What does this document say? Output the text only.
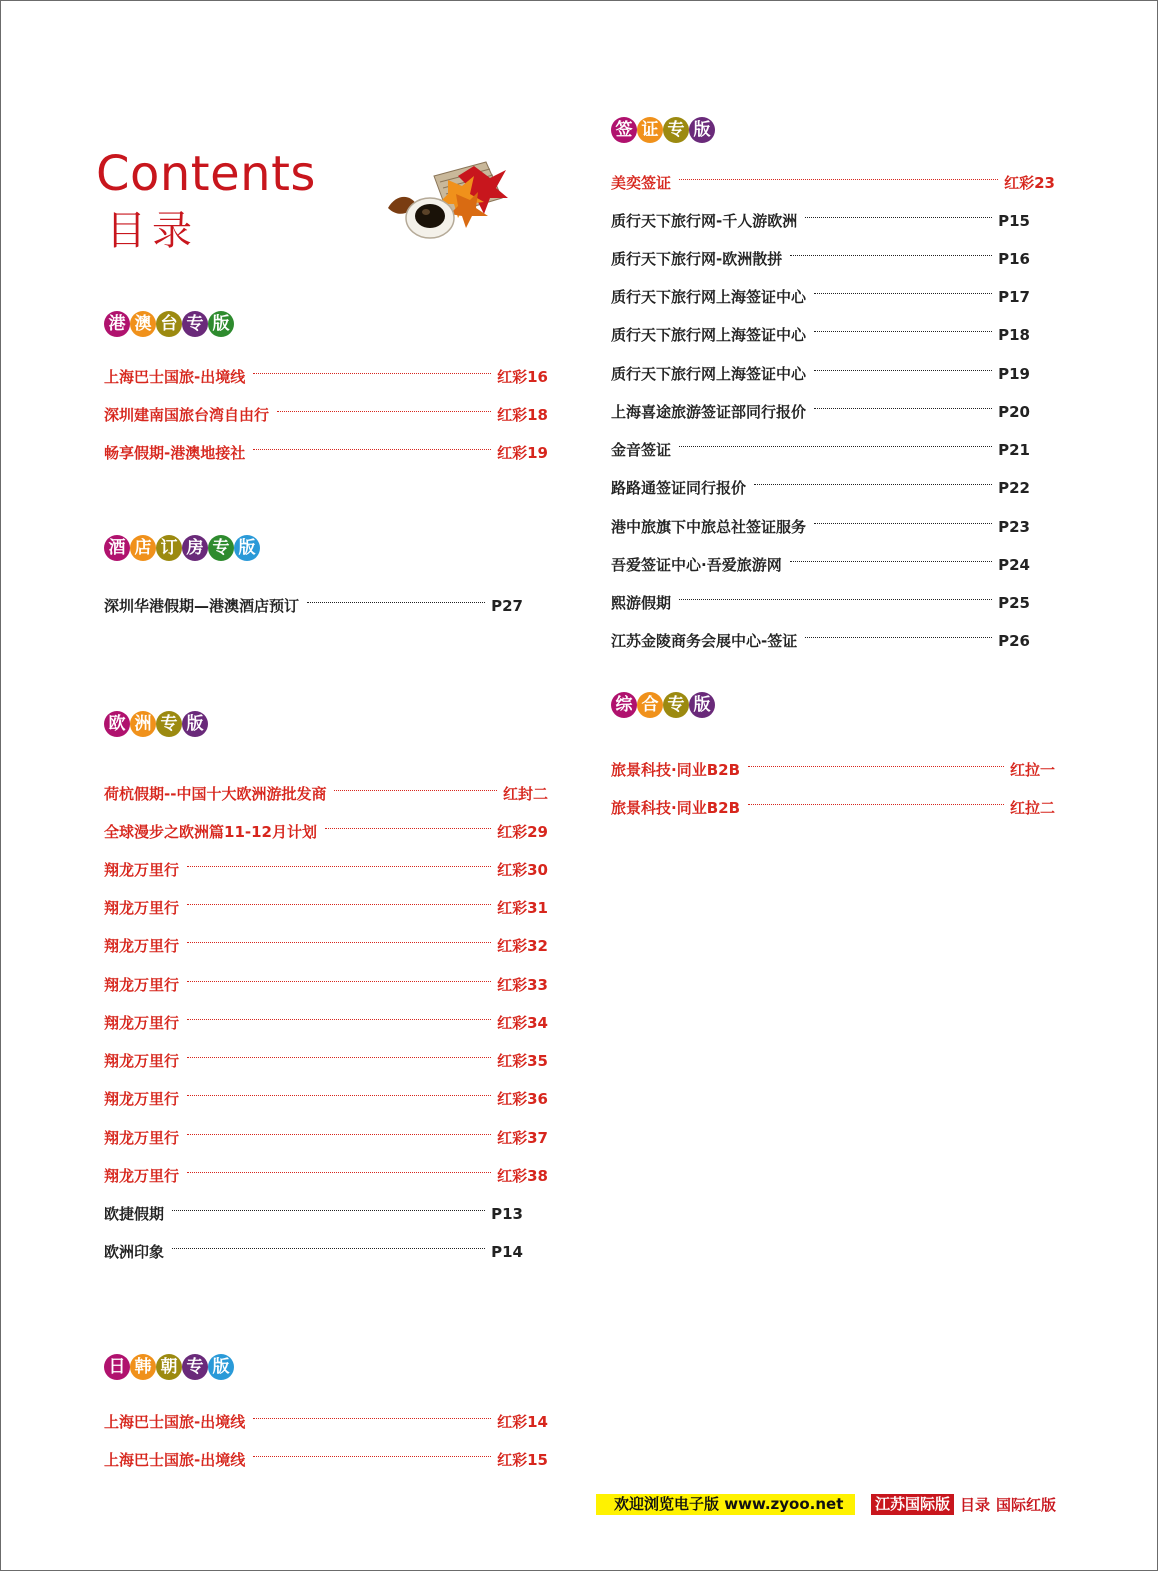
Contents
目录
港 澳 台 专 版
上海巴士国旅-出境线	红彩16
深圳建南国旅台湾自由行	红彩18
畅享假期-港澳地接社	红彩19
酒 店 订 房 专 版
深圳华港假期—港澳酒店预订	P27
欧 洲 专 版
荷杭假期--中国十大欧洲游批发商	红封二
全球漫步之欧洲篇11-12月计划	红彩29
翔龙万里行	红彩30
翔龙万里行	红彩31
翔龙万里行	红彩32
翔龙万里行	红彩33
翔龙万里行	红彩34
翔龙万里行	红彩35
翔龙万里行	红彩36
翔龙万里行	红彩37
翔龙万里行	红彩38
欧捷假期	P13
欧洲印象	P14
日 韩 朝 专 版
上海巴士国旅-出境线	红彩14
上海巴士国旅-出境线	红彩15
签 证 专 版
美奕签证	红彩23
质行天下旅行网-千人游欧洲	P15
质行天下旅行网-欧洲散拼	P16
质行天下旅行网上海签证中心	P17
质行天下旅行网上海签证中心	P18
质行天下旅行网上海签证中心	P19
上海喜途旅游签证部同行报价	P20
金音签证	P21
路路通签证同行报价	P22
港中旅旗下中旅总社签证服务	P23
吾爱签证中心·吾爱旅游网	P24
熙游假期	P25
江苏金陵商务会展中心-签证	P26
综 合 专 版
旅景科技·同业B2B	红拉一
旅景科技·同业B2B	红拉二
欢迎浏览电子版 www.zyoo.net	江苏国际版 目录 国际红版
